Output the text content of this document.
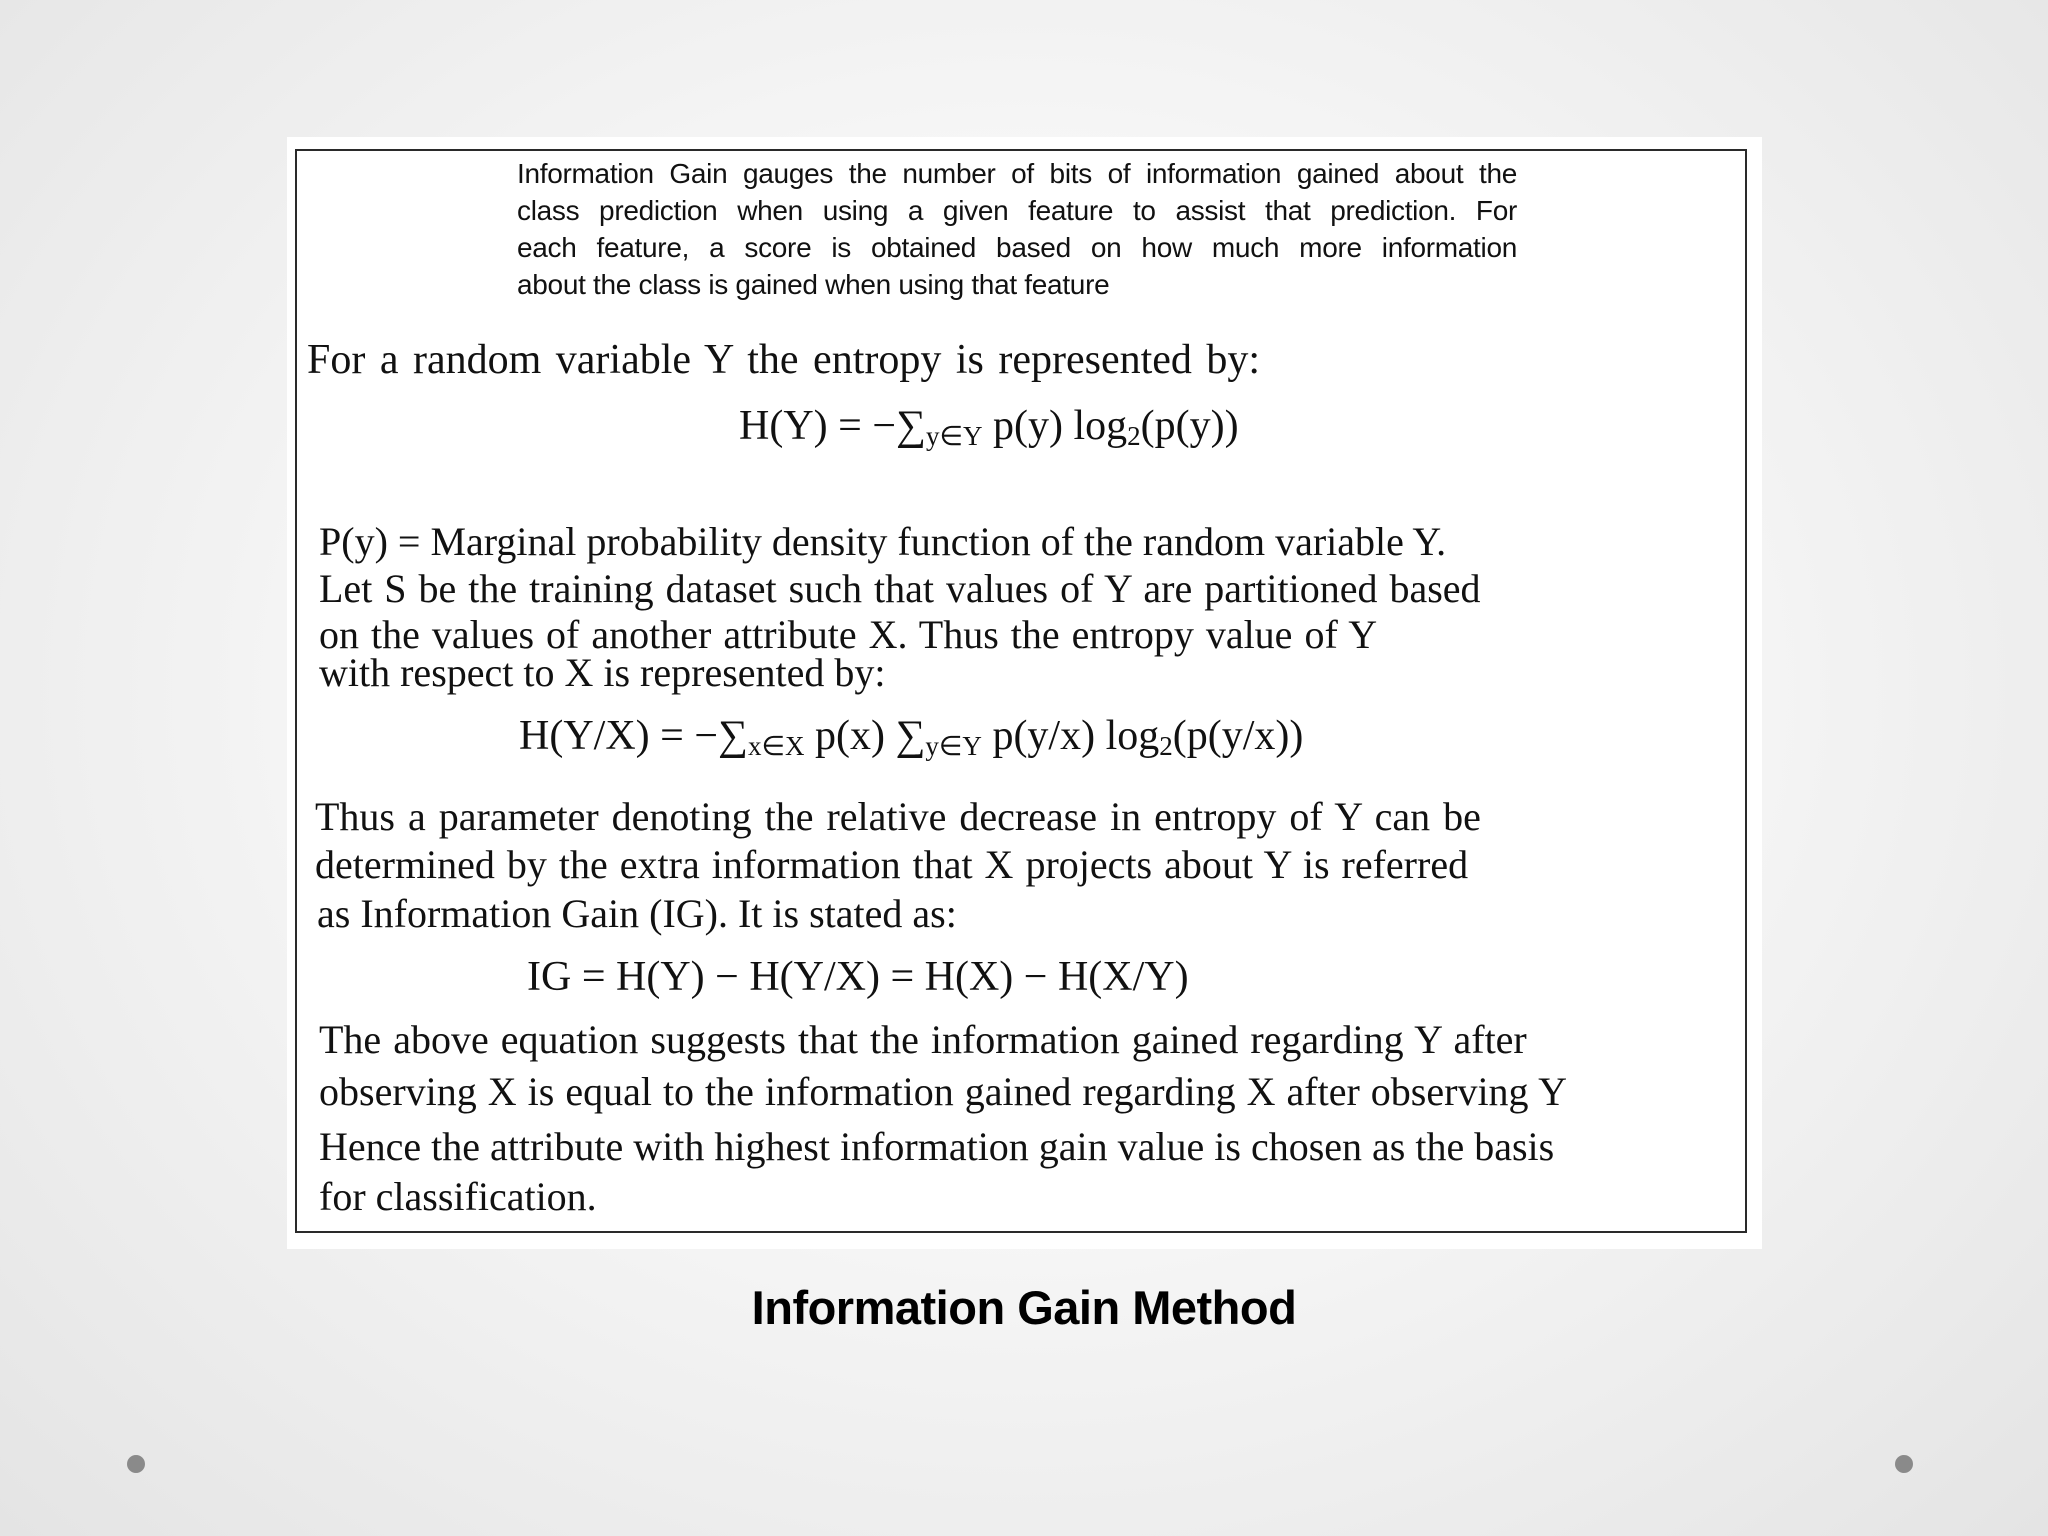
Information Gain gauges the number of bits of information gained about the
class prediction when using a given feature to assist that prediction. For
each feature, a score is obtained based on how much more information
about the class is gained when using that feature
For a random variable Y the entropy is represented by:
$H(Y) = -\sum_{y\in Y}$ p(y) $\log_2(p(y))$
P(y) = Marginal probability density function of the random variable Y.
Let S be the training dataset such that values of Y are partitioned based
on the values of another attribute X. Thus the entropy value of Y
with respect to X is represented by:
$H(Y/X) = -\sum_{x\in X}$ p(x) $\sum_{y\in Y}$ p(y/x) $\log_2(p(y/x))$
Thus a parameter denoting the relative decrease in entropy of Y can be
determined by the extra information that X projects about Y is referred
as Information Gain (IG). It is stated as:
IG = H(Y) − H(Y/X) = H(X) − H(X/Y)
The above equation suggests that the information gained regarding Y after
observing X is equal to the information gained regarding X after observing Y
Hence the attribute with highest information gain value is chosen as the basis
for classification.
Information Gain Method
